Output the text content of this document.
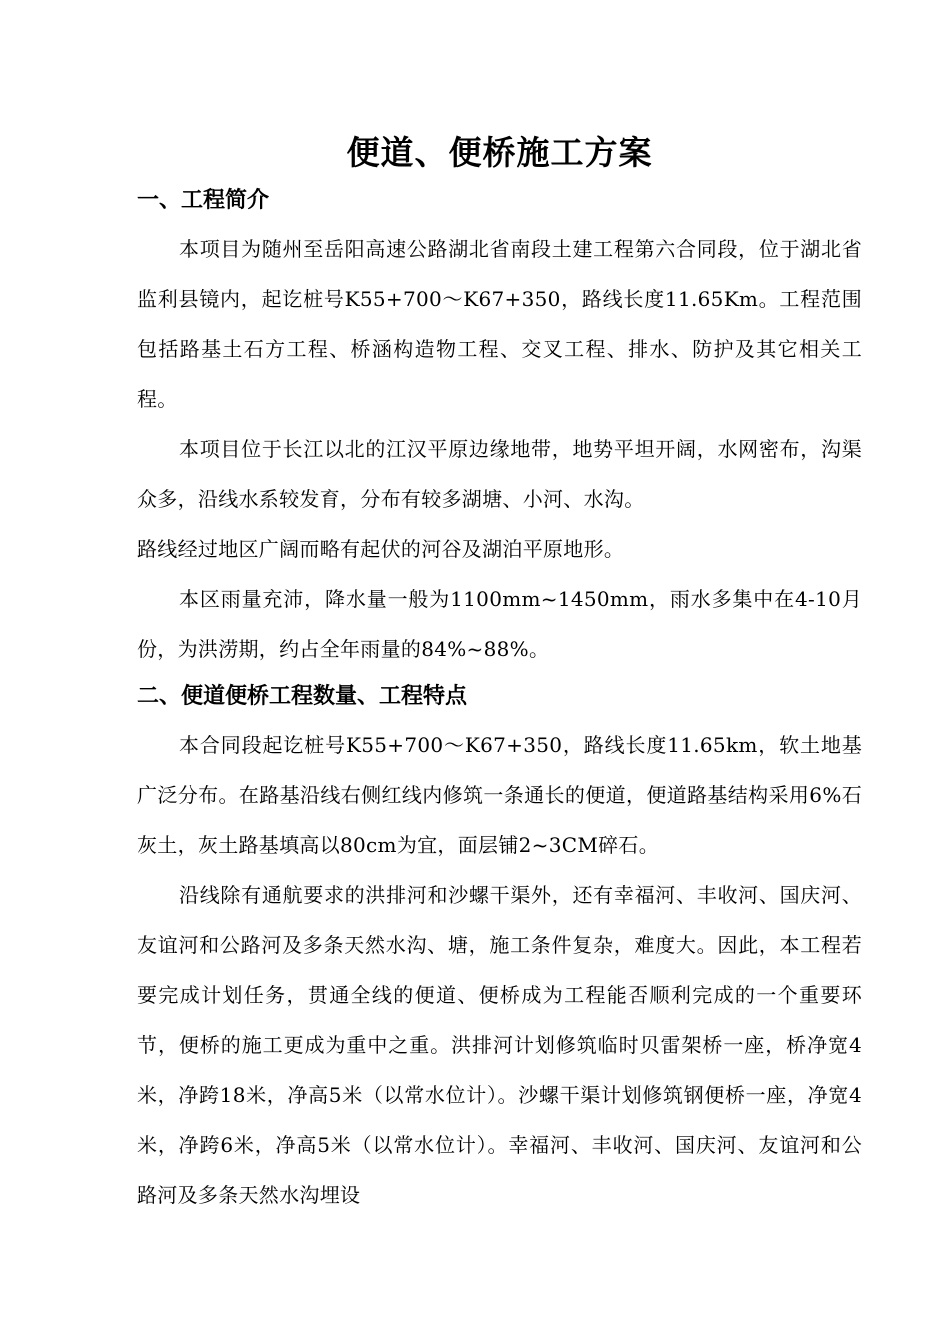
便道、便桥施工方案
一、工程简介

本项目为随州至岳阳高速公路湖北省南段土建工程第六合同段，位于湖北省监利县镜内，起讫桩号K55+700～K67+350，路线长度11.65Km。工程范围包括路基土石方工程、桥涵构造物工程、交叉工程、排水、防护及其它相关工程。

本项目位于长江以北的江汉平原边缘地带，地势平坦开阔，水网密布，沟渠众多，沿线水系较发育，分布有较多湖塘、小河、水沟。

路线经过地区广阔而略有起伏的河谷及湖泊平原地形。

本区雨量充沛，降水量一般为1100mm~1450mm，雨水多集中在4-10月份，为洪涝期，约占全年雨量的84%~88%。

二、便道便桥工程数量、工程特点

本合同段起讫桩号K55+700～K67+350，路线长度11.65km，软土地基广泛分布。在路基沿线右侧红线内修筑一条通长的便道，便道路基结构采用6%石灰土，灰土路基填高以80cm为宜，面层铺2~3CM碎石。

沿线除有通航要求的洪排河和沙螺干渠外，还有幸福河、丰收河、国庆河、友谊河和公路河及多条天然水沟、塘，施工条件复杂，难度大。因此，本工程若要完成计划任务，贯通全线的便道、便桥成为工程能否顺利完成的一个重要环节，便桥的施工更成为重中之重。洪排河计划修筑临时贝雷架桥一座，桥净宽4米，净跨18米，净高5米（以常水位计）。沙螺干渠计划修筑钢便桥一座，净宽4米，净跨6米，净高5米（以常水位计）。幸福河、丰收河、国庆河、友谊河和公路河及多条天然水沟埋设
